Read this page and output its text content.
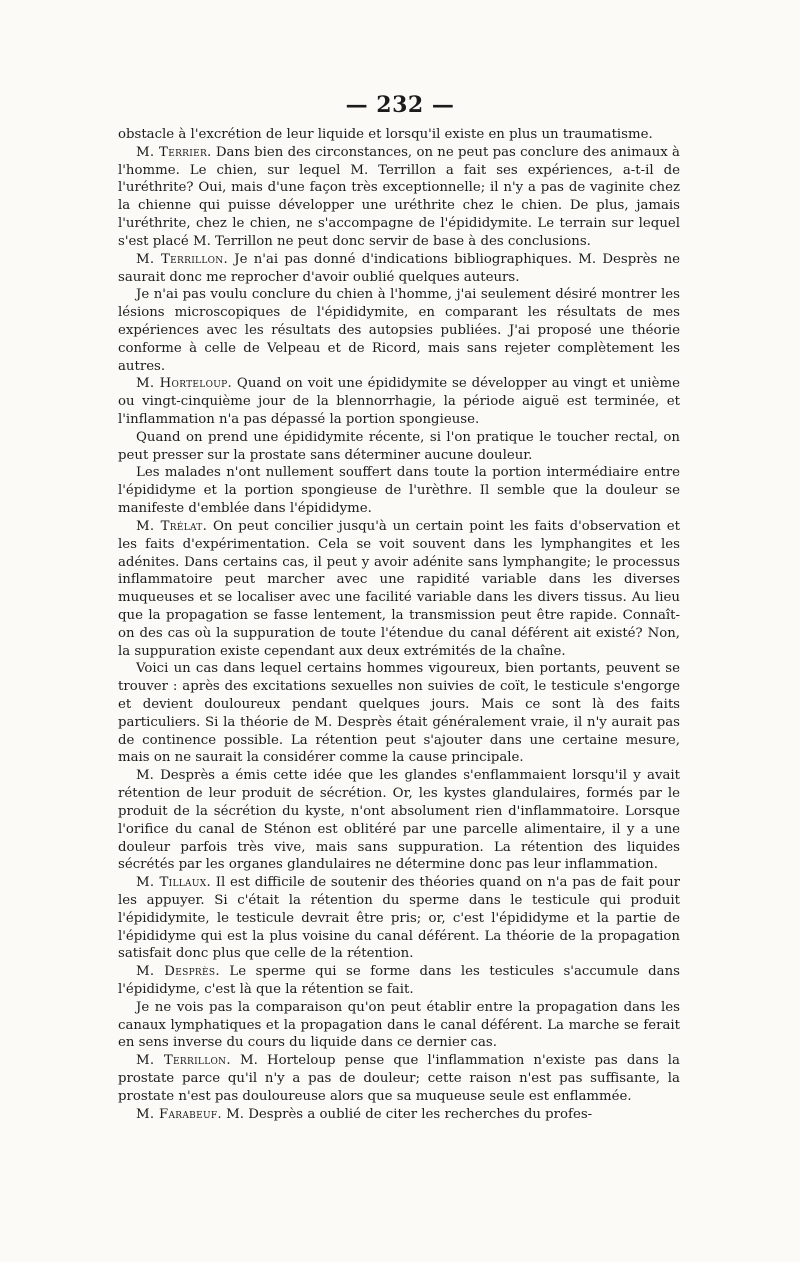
— 232 —

obstacle à l'excrétion de leur liquide et lorsqu'il existe en plus un traumatisme.

M. Terrier. Dans bien des circonstances, on ne peut pas conclure des animaux à l'homme. Le chien, sur lequel M. Terrillon a fait ses expériences, a-t-il de l'uréthrite? Oui, mais d'une façon très exceptionnelle; il n'y a pas de vaginite chez la chienne qui puisse développer une uréthrite chez le chien. De plus, jamais l'uréthrite, chez le chien, ne s'accompagne de l'épididymite. Le terrain sur lequel s'est placé M. Terrillon ne peut donc servir de base à des conclusions.

M. Terrillon. Je n'ai pas donné d'indications bibliographiques. M. Desprès ne saurait donc me reprocher d'avoir oublié quelques auteurs.

Je n'ai pas voulu conclure du chien à l'homme, j'ai seulement désiré montrer les lésions microscopiques de l'épididymite, en comparant les résultats de mes expériences avec les résultats des autopsies publiées. J'ai proposé une théorie conforme à celle de Velpeau et de Ricord, mais sans rejeter complètement les autres.

M. Horteloup. Quand on voit une épididymite se développer au vingt et unième ou vingt-cinquième jour de la blennorrhagie, la période aiguë est terminée, et l'inflammation n'a pas dépassé la portion spongieuse.

Quand on prend une épididymite récente, si l'on pratique le toucher rectal, on peut presser sur la prostate sans déterminer aucune douleur.

Les malades n'ont nullement souffert dans toute la portion intermédiaire entre l'épididyme et la portion spongieuse de l'urèthre. Il semble que la douleur se manifeste d'emblée dans l'épididyme.

M. Trélat. On peut concilier jusqu'à un certain point les faits d'observation et les faits d'expérimentation. Cela se voit souvent dans les lymphangites et les adénites. Dans certains cas, il peut y avoir adénite sans lymphangite; le processus inflammatoire peut marcher avec une rapidité variable dans les diverses muqueuses et se localiser avec une facilité variable dans les divers tissus. Au lieu que la propagation se fasse lentement, la transmission peut être rapide. Connaît-on des cas où la suppuration de toute l'étendue du canal déférent ait existé? Non, la suppuration existe cependant aux deux extrémités de la chaîne.

Voici un cas dans lequel certains hommes vigoureux, bien portants, peuvent se trouver : après des excitations sexuelles non suivies de coït, le testicule s'engorge et devient douloureux pendant quelques jours. Mais ce sont là des faits particuliers. Si la théorie de M. Desprès était généralement vraie, il n'y aurait pas de continence possible. La rétention peut s'ajouter dans une certaine mesure, mais on ne saurait la considérer comme la cause principale.

M. Desprès a émis cette idée que les glandes s'enflammaient lorsqu'il y avait rétention de leur produit de sécrétion. Or, les kystes glandulaires, formés par le produit de la sécrétion du kyste, n'ont absolument rien d'inflammatoire. Lorsque l'orifice du canal de Sténon est oblitéré par une parcelle alimentaire, il y a une douleur parfois très vive, mais sans suppuration. La rétention des liquides sécrétés par les organes glandulaires ne détermine donc pas leur inflammation.

M. Tillaux. Il est difficile de soutenir des théories quand on n'a pas de fait pour les appuyer. Si c'était la rétention du sperme dans le testicule qui produit l'épididymite, le testicule devrait être pris; or, c'est l'épididyme et la partie de l'épididyme qui est la plus voisine du canal déférent. La théorie de la propagation satisfait donc plus que celle de la rétention.

M. Desprès. Le sperme qui se forme dans les testicules s'accumule dans l'épididyme, c'est là que la rétention se fait.

Je ne vois pas la comparaison qu'on peut établir entre la propagation dans les canaux lymphatiques et la propagation dans le canal déférent. La marche se ferait en sens inverse du cours du liquide dans ce dernier cas.

M. Terrillon. M. Horteloup pense que l'inflammation n'existe pas dans la prostate parce qu'il n'y a pas de douleur; cette raison n'est pas suffisante, la prostate n'est pas douloureuse alors que sa muqueuse seule est enflammée.

M. Farabeuf. M. Desprès a oublié de citer les recherches du profes-
